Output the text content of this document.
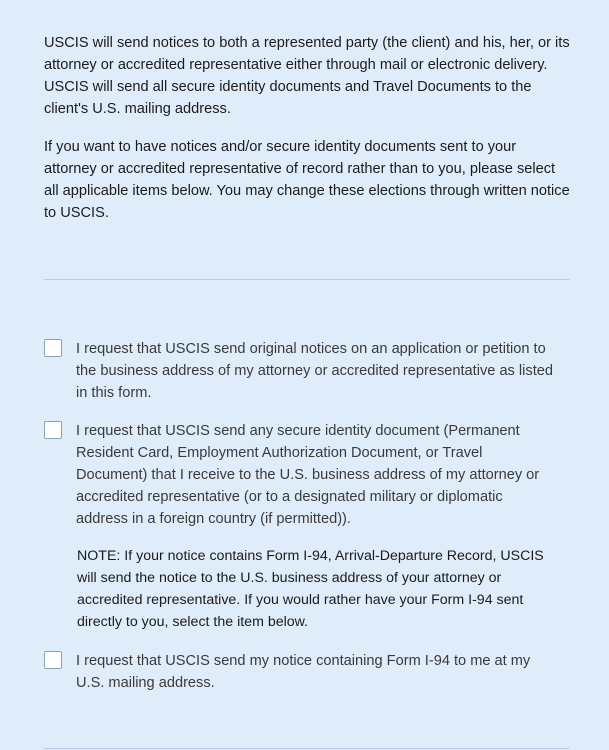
USCIS will send notices to both a represented party (the client) and his, her, or its attorney or accredited representative either through mail or electronic delivery. USCIS will send all secure identity documents and Travel Documents to the client's U.S. mailing address.

If you want to have notices and/or secure identity documents sent to your attorney or accredited representative of record rather than to you, please select all applicable items below. You may change these elections through written notice to USCIS.

I request that USCIS send original notices on an application or petition to the business address of my attorney or accredited representative as listed in this form.

I request that USCIS send any secure identity document (Permanent Resident Card, Employment Authorization Document, or Travel Document) that I receive to the U.S. business address of my attorney or accredited representative (or to a designated military or diplomatic address in a foreign country (if permitted)).

NOTE: If your notice contains Form I-94, Arrival-Departure Record, USCIS will send the notice to the U.S. business address of your attorney or accredited representative. If you would rather have your Form I-94 sent directly to you, select the item below.

I request that USCIS send my notice containing Form I-94 to me at my U.S. mailing address.
